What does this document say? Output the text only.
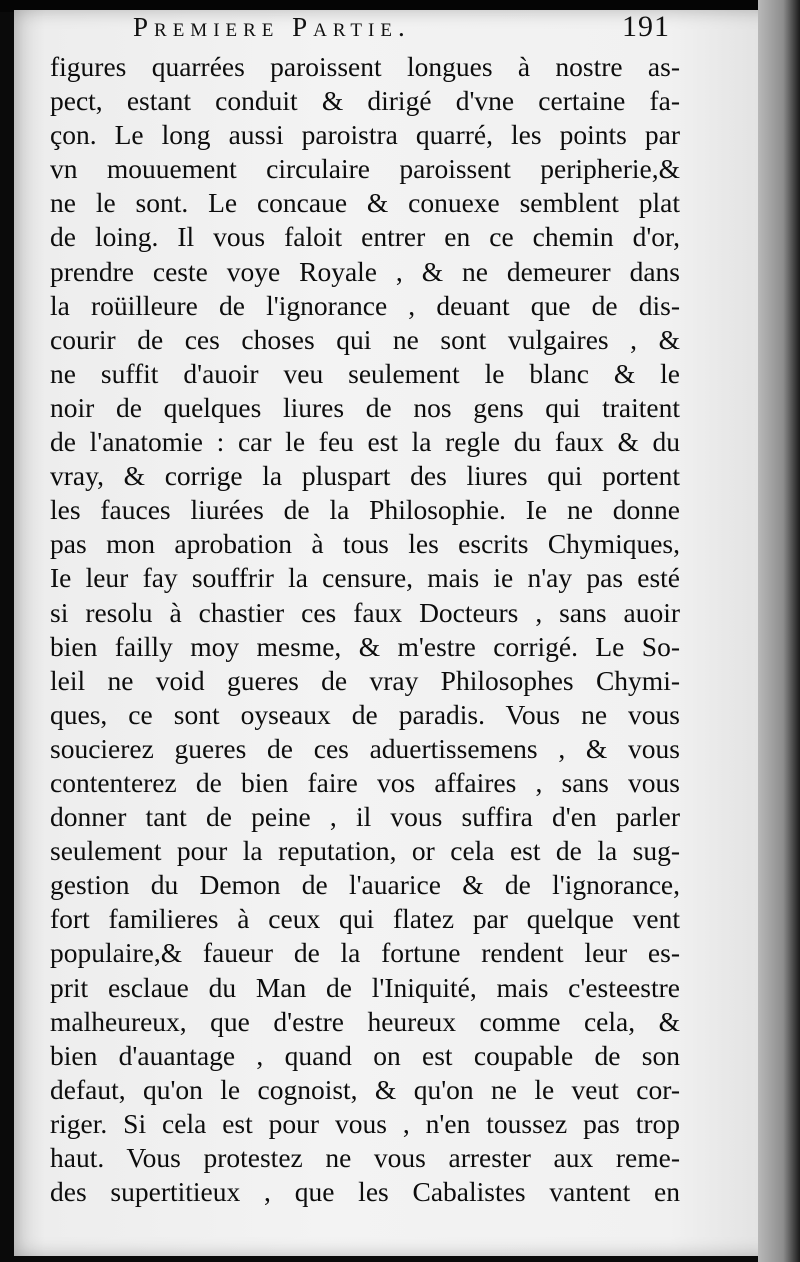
Premiere Partie.	191
figures quarrées paroissent longues à nostre as-
pect, estant conduit & dirigé d'vne certaine fa-
çon. Le long aussi paroistra quarré, les points par
vn mouuement circulaire paroissent peripherie,&
ne le sont. Le concaue & conuexe semblent plat
de loing. Il vous faloit entrer en ce chemin d'or,
prendre ceste voye Royale , & ne demeurer dans
la roüilleure de l'ignorance , deuant que de dis-
courir de ces choses qui ne sont vulgaires , &
ne suffit d'auoir veu seulement le blanc & le
noir de quelques liures de nos gens qui traitent
de l'anatomie : car le feu est la regle du faux & du
vray, & corrige la pluspart des liures qui portent
les fauces liurées de la Philosophie. Ie ne donne
pas mon aprobation à tous les escrits Chymiques,
Ie leur fay souffrir la censure, mais ie n'ay pas esté
si resolu à chastier ces faux Docteurs , sans auoir
bien failly moy mesme, & m'estre corrigé. Le So-
leil ne void gueres de vray Philosophes Chymi-
ques, ce sont oyseaux de paradis. Vous ne vous
soucierez gueres de ces aduertissemens , & vous
contenterez de bien faire vos affaires , sans vous
donner tant de peine , il vous suffira d'en parler
seulement pour la reputation, or cela est de la sug-
gestion du Demon de l'auarice & de l'ignorance,
fort familieres à ceux qui flatez par quelque vent
populaire,& faueur de la fortune rendent leur es-
prit esclaue du Man de l'Iniquité, mais c'esteestre
malheureux, que d'estre heureux comme cela, &
bien d'auantage , quand on est coupable de son
defaut, qu'on le cognoist, & qu'on ne le veut cor-
riger. Si cela est pour vous , n'en toussez pas trop
haut. Vous protestez ne vous arrester aux reme-
des supertitieux , que les Cabalistes vantent en
